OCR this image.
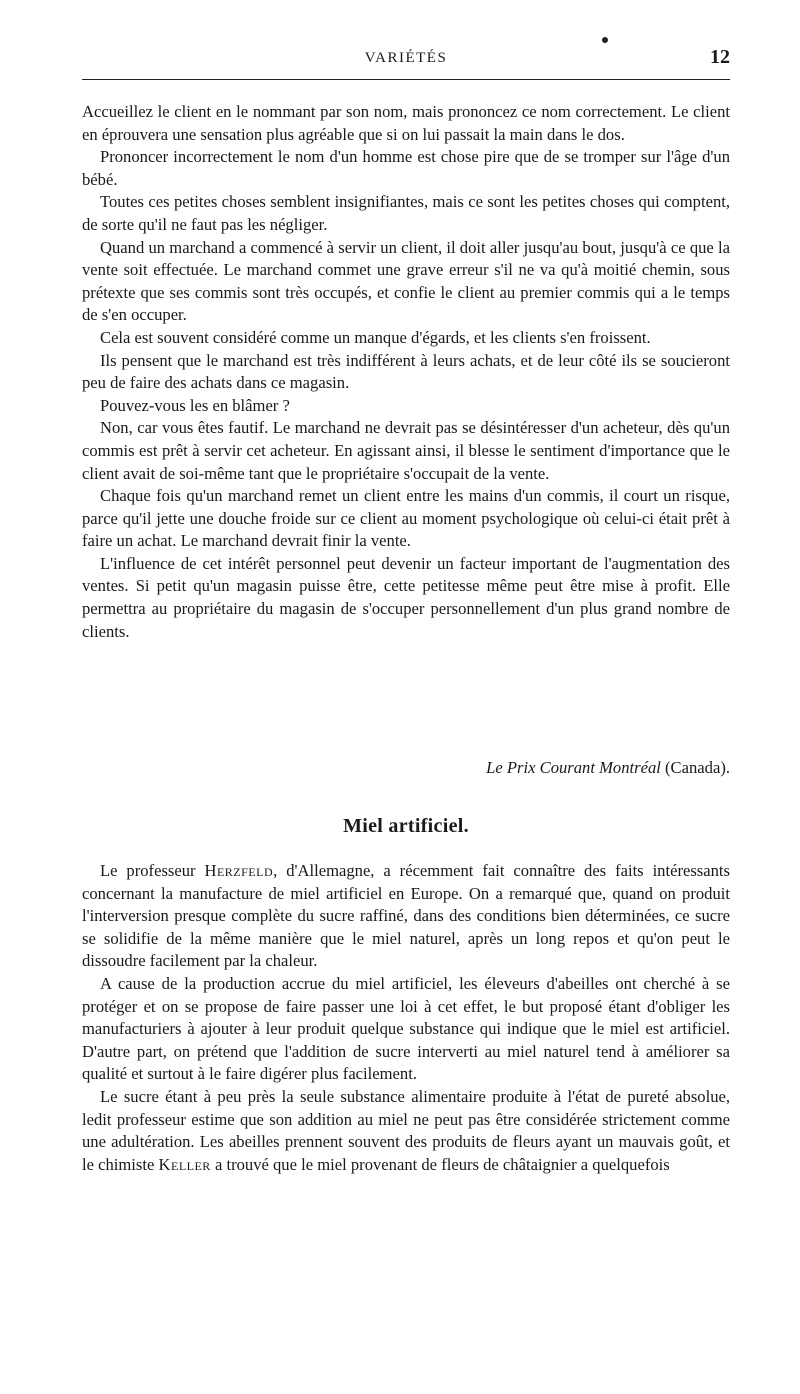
VARIÉTÉS	12

Accueillez le client en le nommant par son nom, mais prononcez ce nom correctement. Le client en éprouvera une sensation plus agréable que si on lui passait la main dans le dos.

Prononcer incorrectement le nom d'un homme est chose pire que de se tromper sur l'âge d'un bébé.

Toutes ces petites choses semblent insignifiantes, mais ce sont les petites choses qui comptent, de sorte qu'il ne faut pas les négliger.

Quand un marchand a commencé à servir un client, il doit aller jusqu'au bout, jusqu'à ce que la vente soit effectuée. Le marchand commet une grave erreur s'il ne va qu'à moitié chemin, sous prétexte que ses commis sont très occupés, et confie le client au premier commis qui a le temps de s'en occuper.

Cela est souvent considéré comme un manque d'égards, et les clients s'en froissent.

Ils pensent que le marchand est très indifférent à leurs achats, et de leur côté ils se soucieront peu de faire des achats dans ce magasin.

Pouvez-vous les en blâmer ?

Non, car vous êtes fautif. Le marchand ne devrait pas se désintéresser d'un acheteur, dès qu'un commis est prêt à servir cet acheteur. En agissant ainsi, il blesse le sentiment d'importance que le client avait de soi-même tant que le propriétaire s'occupait de la vente.

Chaque fois qu'un marchand remet un client entre les mains d'un commis, il court un risque, parce qu'il jette une douche froide sur ce client au moment psychologique où celui-ci était prêt à faire un achat. Le marchand devrait finir la vente.

L'influence de cet intérêt personnel peut devenir un facteur important de l'augmentation des ventes. Si petit qu'un magasin puisse être, cette petitesse même peut être mise à profit. Elle permettra au propriétaire du magasin de s'occuper personnellement d'un plus grand nombre de clients.

Le Prix Courant Montréal (Canada).
Miel artificiel.

Le professeur Herzfeld, d'Allemagne, a récemment fait connaître des faits intéressants concernant la manufacture de miel artificiel en Europe. On a remarqué que, quand on produit l'interversion presque complète du sucre raffiné, dans des conditions bien déterminées, ce sucre se solidifie de la même manière que le miel naturel, après un long repos et qu'on peut le dissoudre facilement par la chaleur.

A cause de la production accrue du miel artificiel, les éleveurs d'abeilles ont cherché à se protéger et on se propose de faire passer une loi à cet effet, le but proposé étant d'obliger les manufacturiers à ajouter à leur produit quelque substance qui indique que le miel est artificiel. D'autre part, on prétend que l'addition de sucre interverti au miel naturel tend à améliorer sa qualité et surtout à le faire digérer plus facilement.

Le sucre étant à peu près la seule substance alimentaire produite à l'état de pureté absolue, ledit professeur estime que son addition au miel ne peut pas être considérée strictement comme une adultération. Les abeilles prennent souvent des produits de fleurs ayant un mauvais goût, et le chimiste Keller a trouvé que le miel provenant de fleurs de châtaignier a quelquefois
